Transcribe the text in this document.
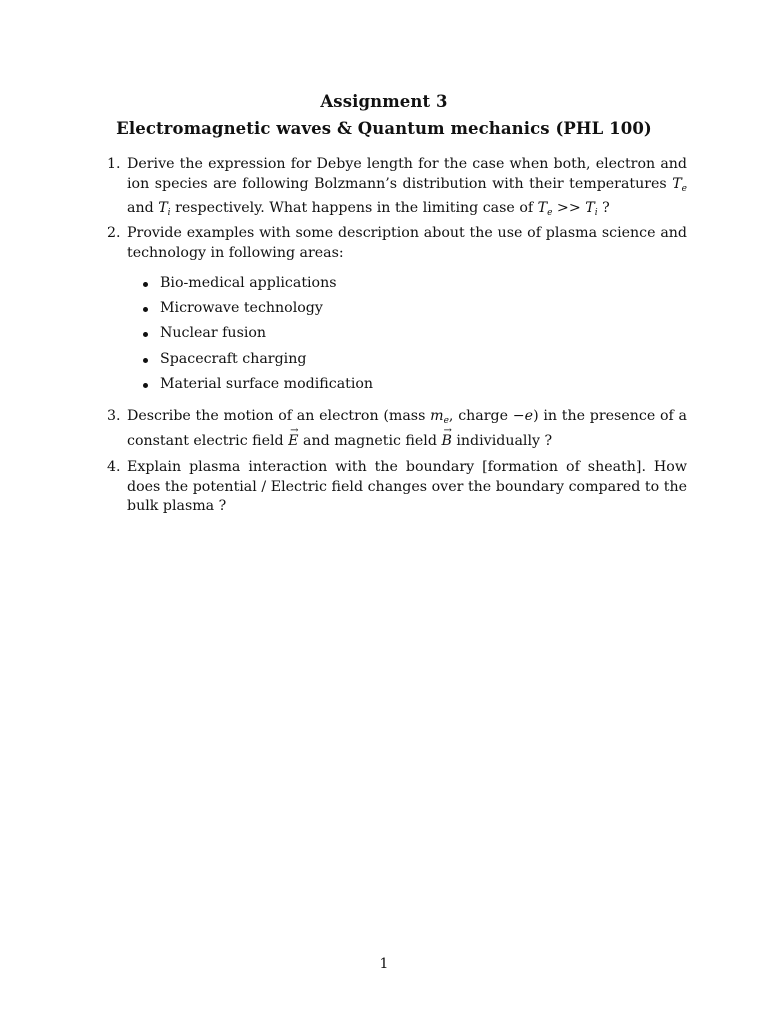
Assignment 3
Electromagnetic waves & Quantum mechanics (PHL 100)
1. Derive the expression for Debye length for the case when both, electron and ion species are following Bolzmann’s distribution with their temperatures $T_e$ and $T_i$ respectively. What happens in the limiting case of $T_e >> T_i$ ?
2. Provide examples with some description about the use of plasma science and technology in following areas:
Bio-medical applications
Microwave technology
Nuclear fusion
Spacecraft charging
Material surface modification
3. Describe the motion of an electron (mass $m_e$, charge −e) in the presence of a constant electric field → E and magnetic field → B individually ?
4. Explain plasma interaction with the boundary [formation of sheath]. How does the potential / Electric field changes over the boundary compared to the bulk plasma ?
1
